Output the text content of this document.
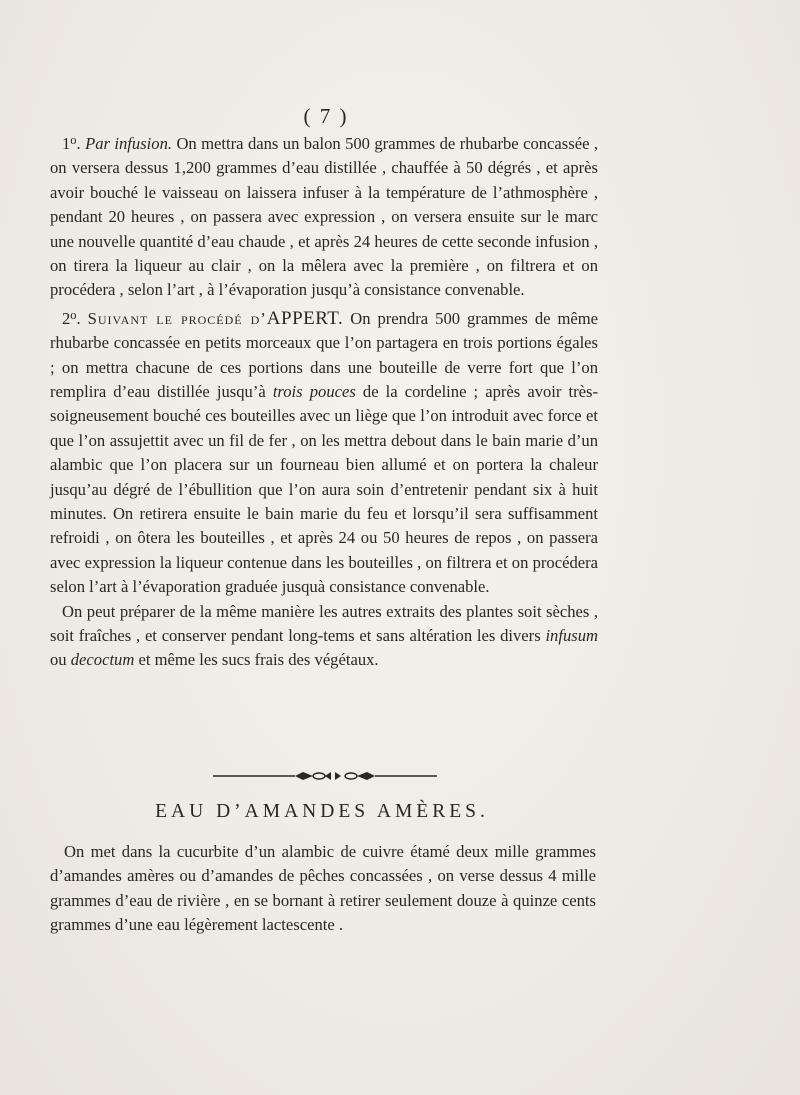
( 7 )

1$^o$. Par infusion. On mettra dans un balon 500 grammes de rhubarbe concassée , on versera dessus 1,200 grammes d’eau distillée , chauffée à 50 dégrés , et après avoir bouché le vaisseau on laissera infuser à la température de l’athmosphère , pendant 20 heures , on passera avec expression , on versera ensuite sur le marc une nouvelle quantité d’eau chaude , et après 24 heures de cette seconde infusion , on tirera la liqueur au clair , on la mêlera avec la première , on filtrera et on procédera , selon l’art , à l’évaporation jusqu’à consistance convenable.

2$^o$. Suivant le procédé d’APPERT. On prendra 500 grammes de même rhubarbe concassée en petits morceaux que l’on partagera en trois portions égales ; on mettra chacune de ces portions dans une bouteille de verre fort que l’on remplira d’eau distillée jusqu’à trois pouces de la cordeline ; après avoir très-soigneusement bouché ces bouteilles avec un liège que l’on introduit avec force et que l’on assujettit avec un fil de fer , on les mettra debout dans le bain marie d’un alambic que l’on placera sur un fourneau bien allumé et on portera la chaleur jusqu’au dégré de l’ébullition que l’on aura soin d’entretenir pendant six à huit minutes. On retirera ensuite le bain marie du feu et lorsqu’il sera suffisamment refroidi , on ôtera les bouteilles , et après 24 ou 50 heures de repos , on passera avec expression la liqueur contenue dans les bouteilles , on filtrera et on procédera selon l’art à l’évaporation graduée jusquà consistance convenable.

On peut préparer de la même manière les autres extraits des plantes soit sèches , soit fraîches , et conserver pendant long-tems et sans altération les divers infusum ou decoctum et même les sucs frais des végétaux.

EAU D’AMANDES AMÈRES.

On met dans la cucurbite d’un alambic de cuivre étamé deux mille grammes d’amandes amères ou d’amandes de pêches concassées , on verse dessus 4 mille grammes d’eau de rivière , en se bornant à retirer seulement douze à quinze cents grammes d’une eau légèrement lactescente .
